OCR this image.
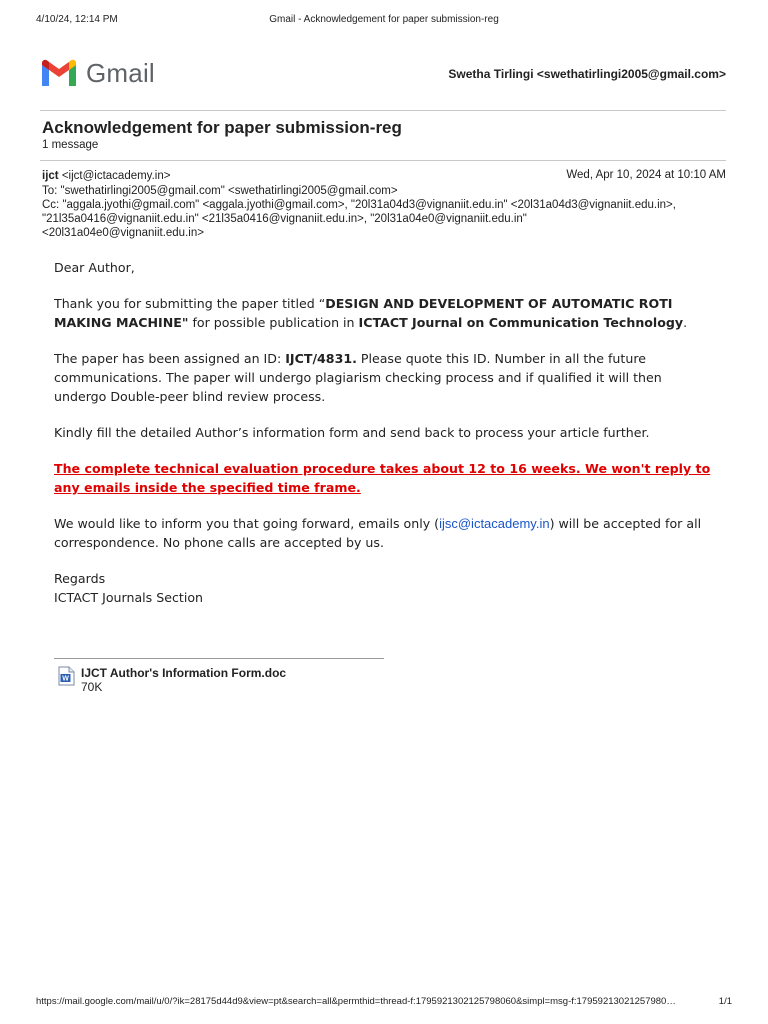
4/10/24, 12:14 PM	Gmail - Acknowledgement for paper submission-reg
Gmail	Swetha Tirlingi <swethatirlingi2005@gmail.com>
Acknowledgement for paper submission-reg
1 message
ijct <ijct@ictacademy.in>	Wed, Apr 10, 2024 at 10:10 AM
To: "swethatirlingi2005@gmail.com" <swethatirlingi2005@gmail.com>
Cc: "aggala.jyothi@gmail.com" <aggala.jyothi@gmail.com>, "20l31a04d3@vignaniit.edu.in" <20l31a04d3@vignaniit.edu.in>,
"21l35a0416@vignaniit.edu.in" <21l35a0416@vignaniit.edu.in>, "20l31a04e0@vignaniit.edu.in"
<20l31a04e0@vignaniit.edu.in>

Dear Author,

Thank you for submitting the paper titled “DESIGN AND DEVELOPMENT OF AUTOMATIC ROTI MAKING MACHINE" for possible publication in ICTACT Journal on Communication Technology.

The paper has been assigned an ID: IJCT/4831. Please quote this ID. Number in all the future communications. The paper will undergo plagiarism checking process and if qualified it will then undergo Double-peer blind review process.

Kindly fill the detailed Author’s information form and send back to process your article further.

The complete technical evaluation procedure takes about 12 to 16 weeks. We won't reply to any emails inside the specified time frame.

We would like to inform you that going forward, emails only (ijsc@ictacademy.in) will be accepted for all correspondence. No phone calls are accepted by us.

Regards
ICTACT Journals Section
W IJCT Author's Information Form.doc
70K
https://mail.google.com/mail/u/0/?ik=28175d44d9&view=pt&search=all&permthid=thread-f:1795921302125798060&simpl=msg-f:17959213021257980…	1/1
